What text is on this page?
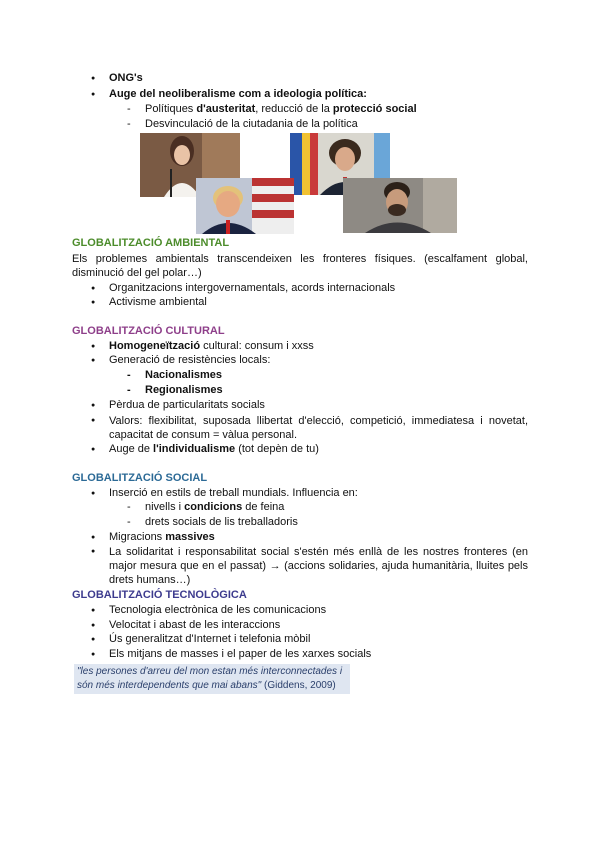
● ONG's
● Auge del neoliberalisme com a ideologia política:
- Polítiques d'austeritat, reducció de la protecció social
- Desvinculació de la ciutadania de la política
GLOBALITZACIÓ AMBIENTAL
Els problemes ambientals transcendeixen les fronteres físiques. (escalfament global, disminució del gel polar…)
● Organitzacions intergovernamentals, acords internacionals
● Activisme ambiental
GLOBALITZACIÓ CULTURAL
● Homogeneïtzació cultural: consum i xxss
● Generació de resistències locals:
- Nacionalismes
- Regionalismes
● Pèrdua de particularitats socials
● Valors: flexibilitat, suposada llibertat d'elecció, competició, immediatesa i novetat, capacitat de consum = vàlua personal.
● Auge de l'individualisme (tot depèn de tu)
GLOBALITZACIÓ SOCIAL
● Inserció en estils de treball mundials. Influencia en:
- nivells i condicions de feina
- drets socials de lis treballadoris
● Migracions massives
● La solidaritat i responsabilitat social s'estén més enllà de les nostres fronteres (en major mesura que en el passat) → (accions solidaries, ajuda humanitària, lluites pels drets humans…)
GLOBALITZACIÓ TECNOLÒGICA
● Tecnologia electrònica de les comunicacions
● Velocitat i abast de les interaccions
● Ús generalitzat d'Internet i telefonia mòbil
● Els mitjans de masses i el paper de les xarxes socials
"les persones d'arreu del mon estan més interconnectades i
són més interdependents que mai abans" (Giddens, 2009)
